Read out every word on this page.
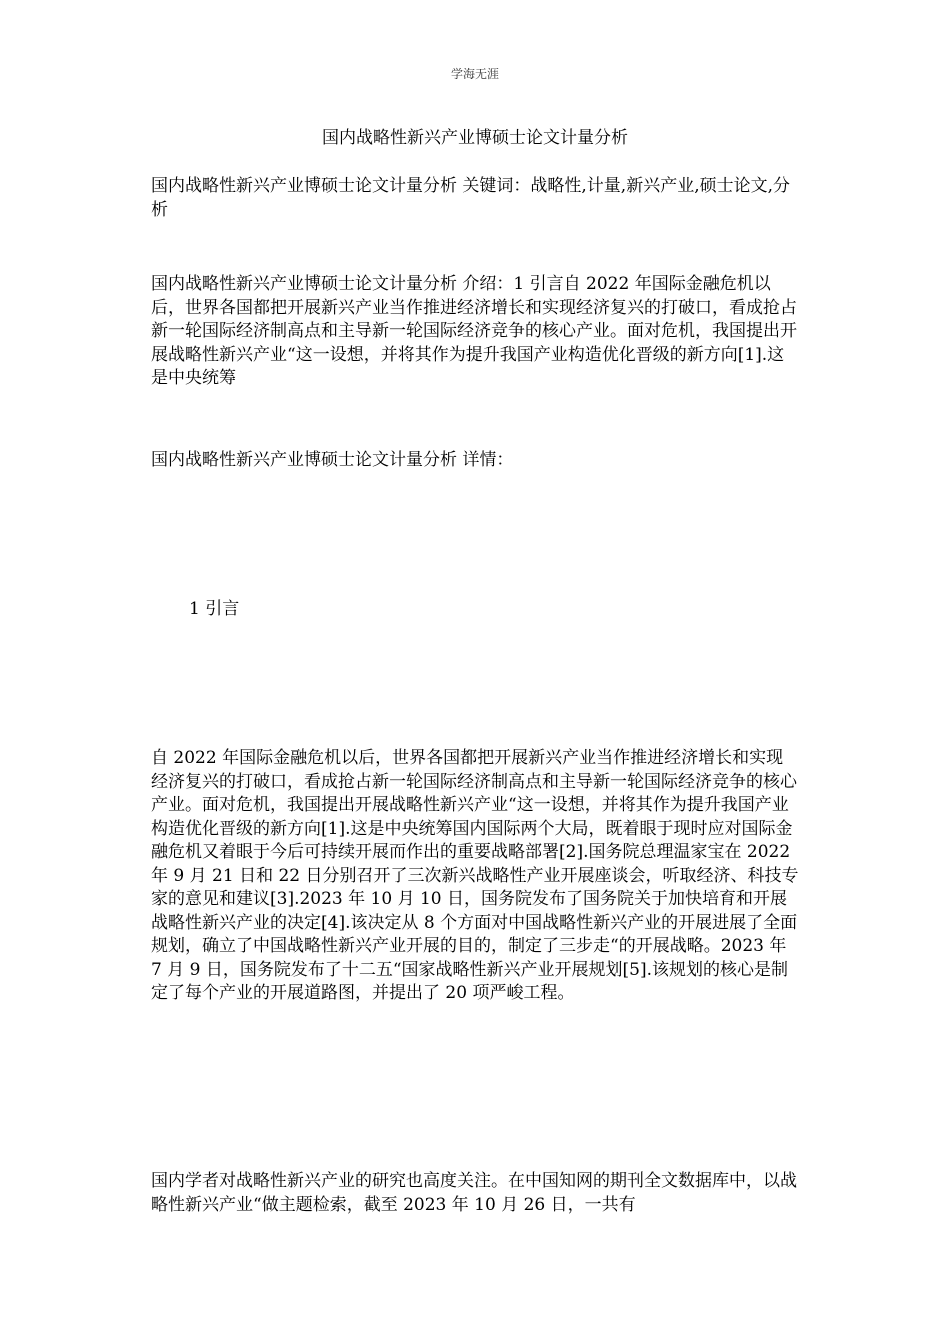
学海无涯
国内战略性新兴产业博硕士论文计量分析

国内战略性新兴产业博硕士论文计量分析 关键词：战略性,计量,新兴产业,硕士论文,分析

国内战略性新兴产业博硕士论文计量分析 介绍：1 引言自 2022 年国际金融危机以后，世界各国都把开展新兴产业当作推进经济增长和实现经济复兴的打破口，看成抢占新一轮国际经济制高点和主导新一轮国际经济竞争的核心产业。面对危机，我国提出开展战略性新兴产业“这一设想，并将其作为提升我国产业构造优化晋级的新方向[1].这是中央统筹

国内战略性新兴产业博硕士论文计量分析 详情：

1 引言

自 2022 年国际金融危机以后，世界各国都把开展新兴产业当作推进经济增长和实现经济复兴的打破口，看成抢占新一轮国际经济制高点和主导新一轮国际经济竞争的核心产业。面对危机，我国提出开展战略性新兴产业“这一设想，并将其作为提升我国产业构造优化晋级的新方向[1].这是中央统筹国内国际两个大局，既着眼于现时应对国际金融危机又着眼于今后可持续开展而作出的重要战略部署[2].国务院总理温家宝在 2022 年 9 月 21 日和 22 日分别召开了三次新兴战略性产业开展座谈会，听取经济、科技专家的意见和建议[3].2023 年 10 月 10 日，国务院发布了国务院关于加快培育和开展战略性新兴产业的决定[4].该决定从 8 个方面对中国战略性新兴产业的开展进展了全面规划，确立了中国战略性新兴产业开展的目的，制定了三步走“的开展战略。2023 年 7 月 9 日，国务院发布了十二五“国家战略性新兴产业开展规划[5].该规划的核心是制定了每个产业的开展道路图，并提出了 20 项严峻工程。

国内学者对战略性新兴产业的研究也高度关注。在中国知网的期刊全文数据库中，以战略性新兴产业“做主题检索，截至 2023 年 10 月 26 日，一共有
